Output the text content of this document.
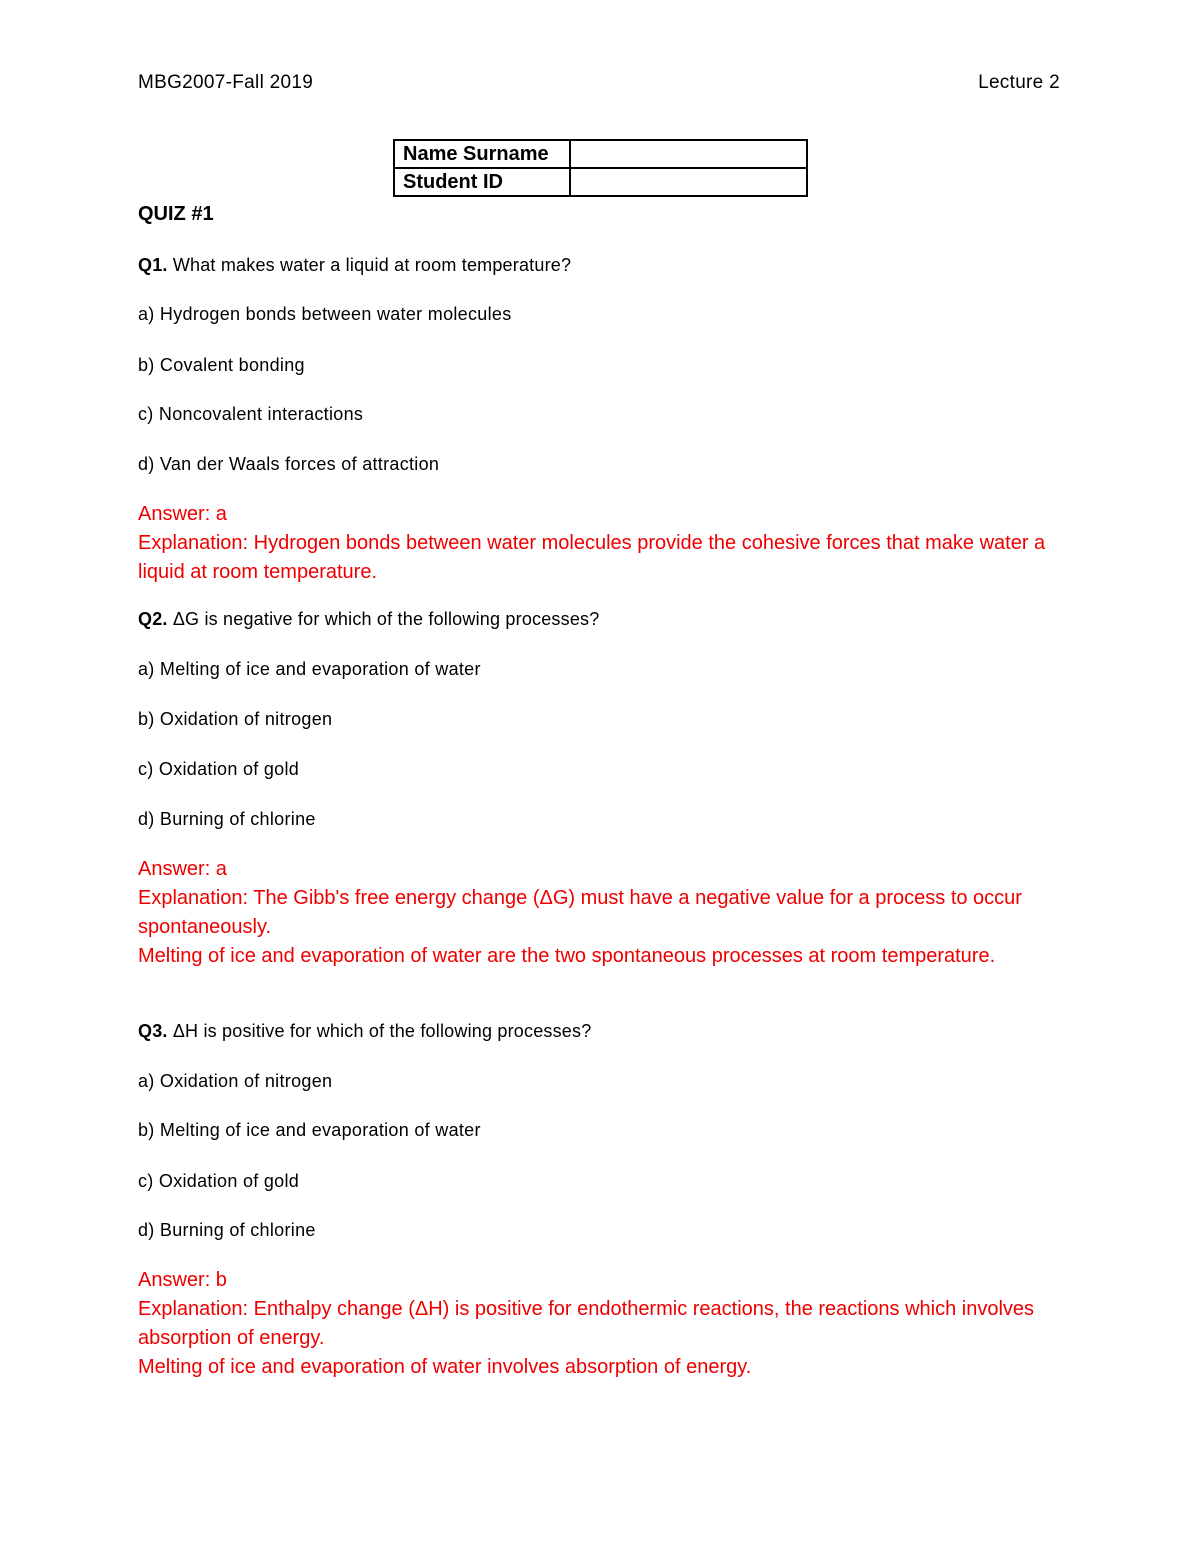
MBG2007-Fall 2019	Lecture 2
Name Surname	
Student ID	
QUIZ #1
Q1. What makes water a liquid at room temperature?
a) Hydrogen bonds between water molecules
b) Covalent bonding
c) Noncovalent interactions
d) Van der Waals forces of attraction

Answer: a

Explanation: Hydrogen bonds between water molecules provide the cohesive forces that make water a liquid at room temperature.

Q2. ΔG is negative for which of the following processes?
a) Melting of ice and evaporation of water
b) Oxidation of nitrogen
c) Oxidation of gold
d) Burning of chlorine

Answer: a

Explanation: The Gibb's free energy change (ΔG) must have a negative value for a process to occur spontaneously.

Melting of ice and evaporation of water are the two spontaneous processes at room temperature.

Q3. ΔH is positive for which of the following processes?
a) Oxidation of nitrogen
b) Melting of ice and evaporation of water
c) Oxidation of gold
d) Burning of chlorine

Answer: b

Explanation: Enthalpy change (ΔH) is positive for endothermic reactions, the reactions which involves absorption of energy.

Melting of ice and evaporation of water involves absorption of energy.
